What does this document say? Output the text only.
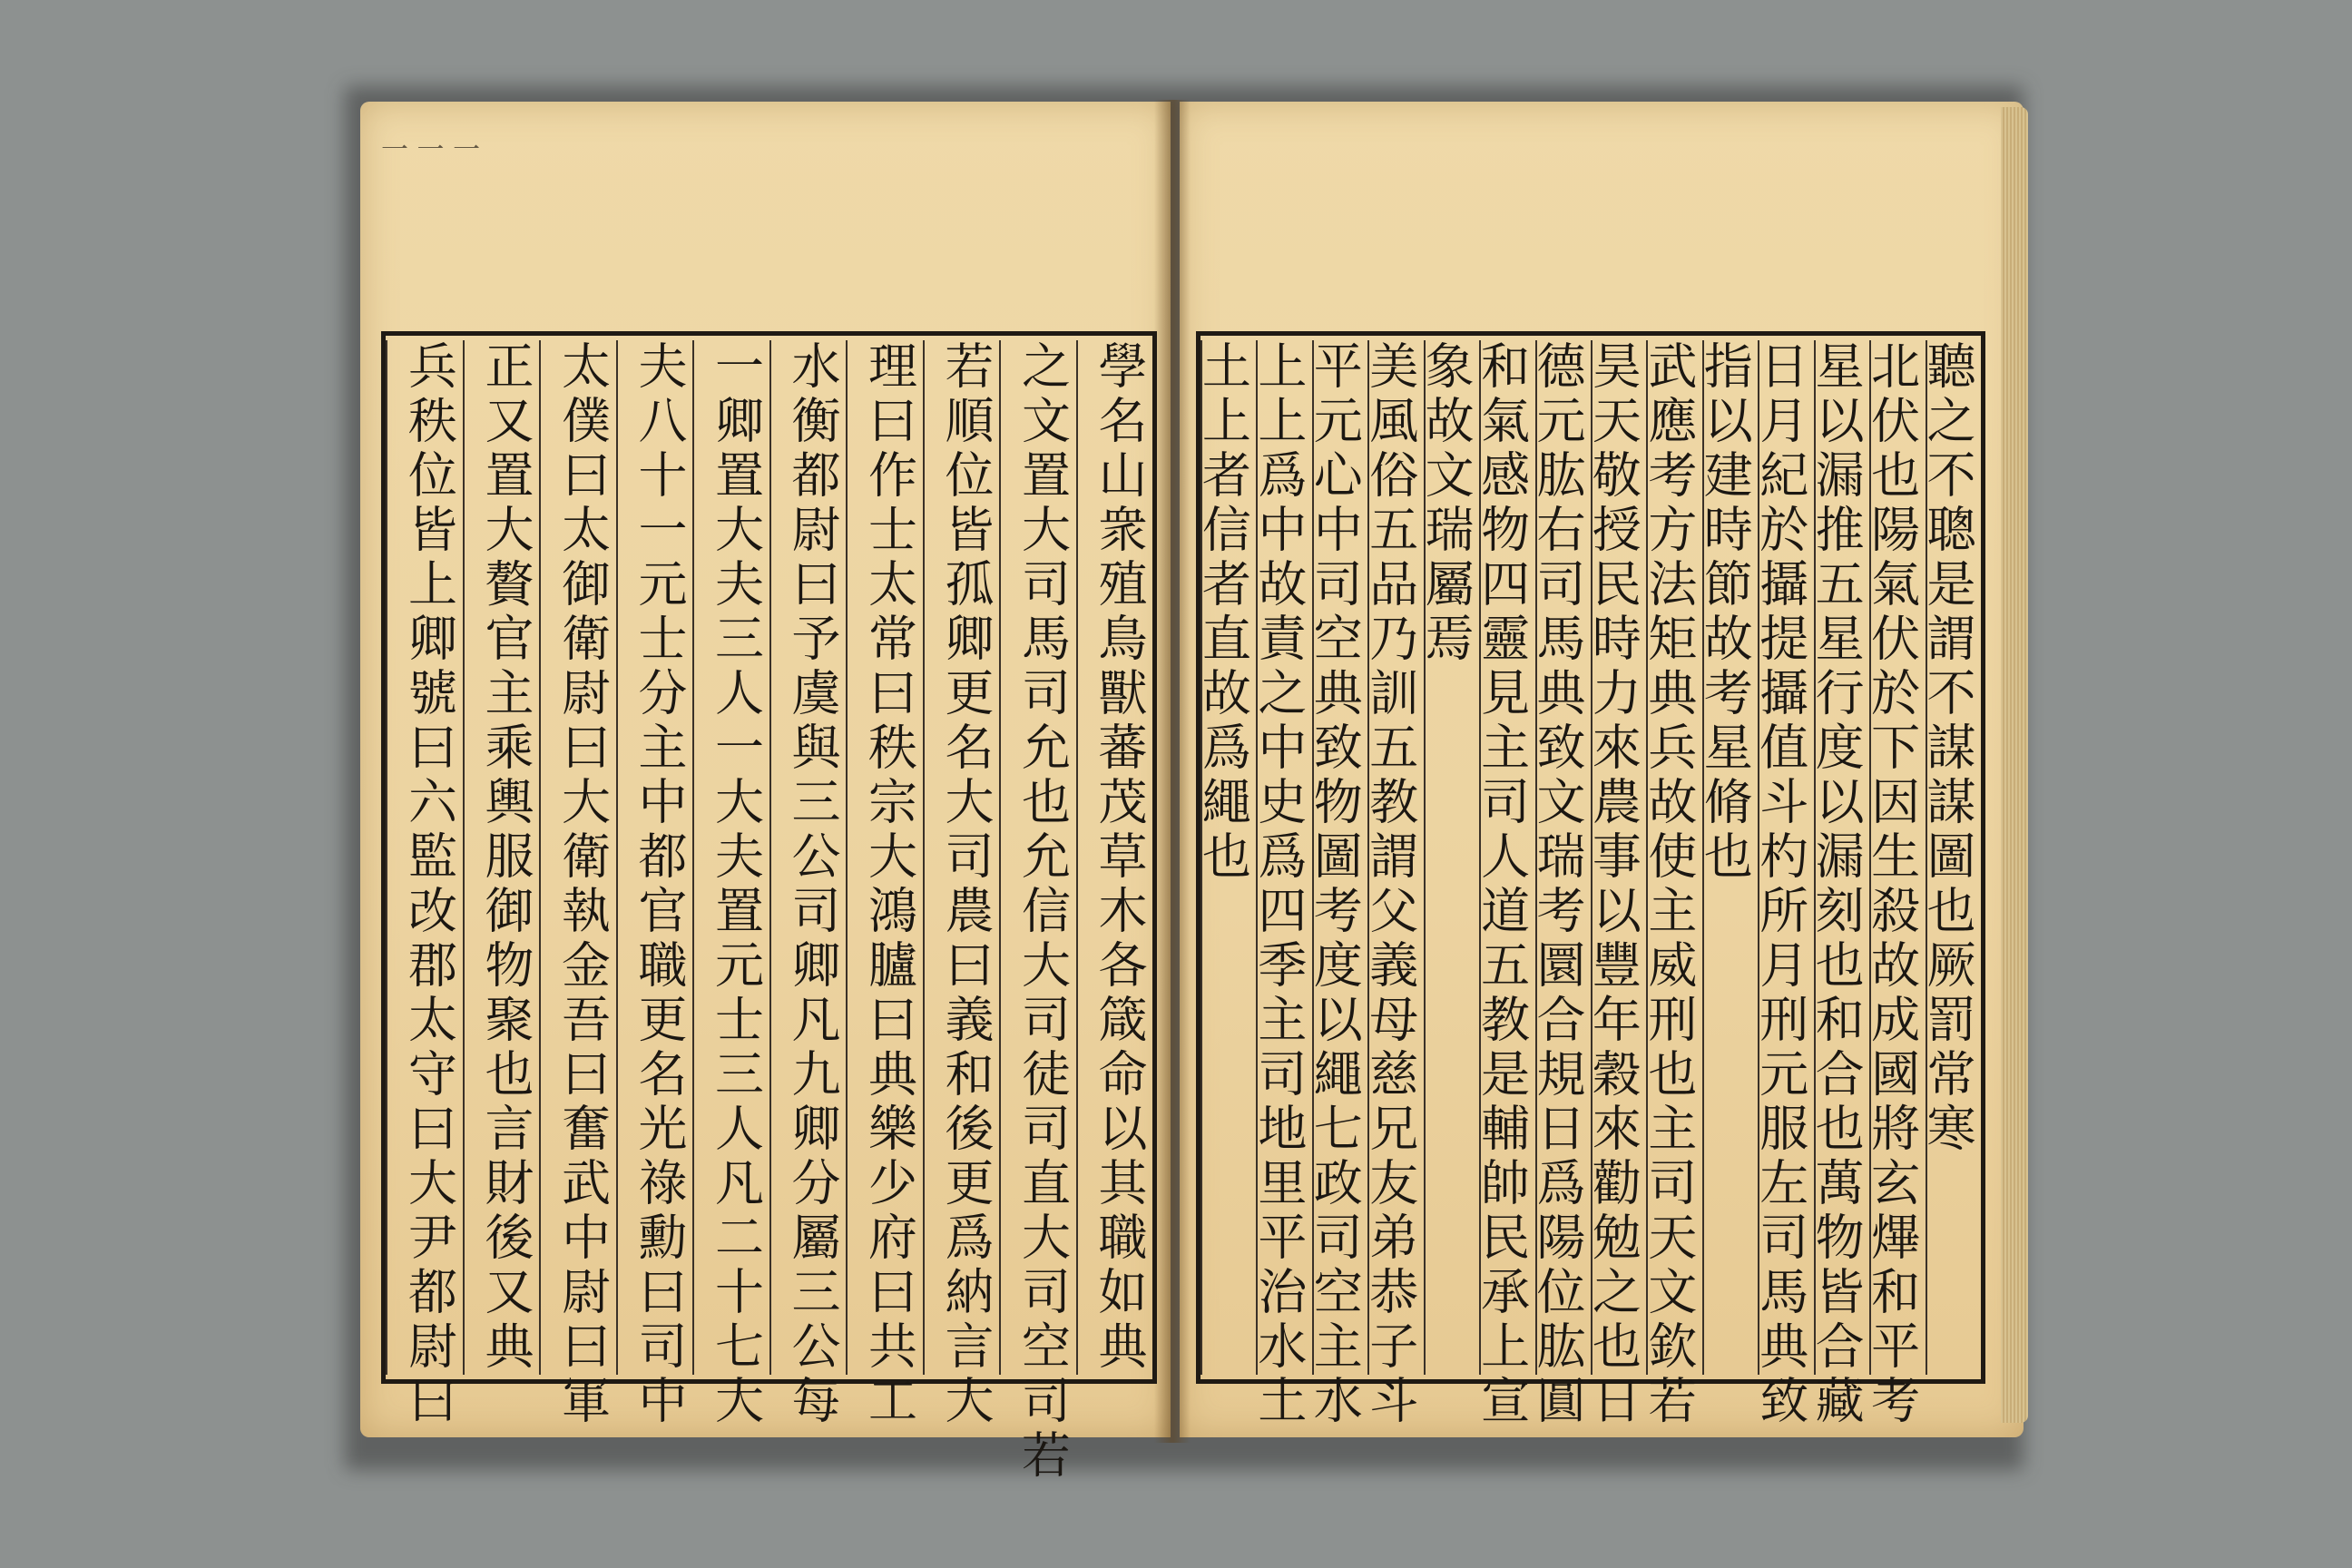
學名山衆殖鳥獸蕃茂草木各箴命以其職如典
之文置大司馬司允也允信大司徒司直大司空司若
若順位皆孤卿更名大司農曰義和後更爲納言大
理曰作士太常曰秩宗大鴻臚曰典樂少府曰共工
水衡都尉曰予虞與三公司卿凡九卿分屬三公每
一卿置大夫三人一大夫置元士三人凡二十七大
夫八十一元士分主中都官職更名光祿勳曰司中
太僕曰太御衛尉曰大衛執金吾曰奮武中尉曰軍
正又置大贅官主乘輿服御物聚也言財後又典
兵秩位皆上卿號曰六監改郡太守曰大尹都尉曰	聽之不聰是謂不謀謀圖也厥罰常寒
北伏也陽氣伏於下因生殺故成國將玄熚和平考
星以漏推五星行度以漏刻也和合也萬物皆合藏
日月紀於攝提攝值斗杓所月刑元服左司馬典致
指以建時節故考星脩也
武應考方法矩典兵故使主威刑也主司天文欽若
昊天敬授民時力來農事以豐年穀來勸勉之也日
德元肱右司馬典致文瑞考圜合規日爲陽位肱圓
和氣感物四靈見主司人道五教是輔帥民承上宣
象故文瑞屬焉
美風俗五品乃訓五教謂父義母慈兄友弟恭子斗
平元心中司空典致物圖考度以繩七政司空主水
上上爲中故責之中史爲四季主司地里平治水土
土上者信者直故爲繩也
一 一 一
